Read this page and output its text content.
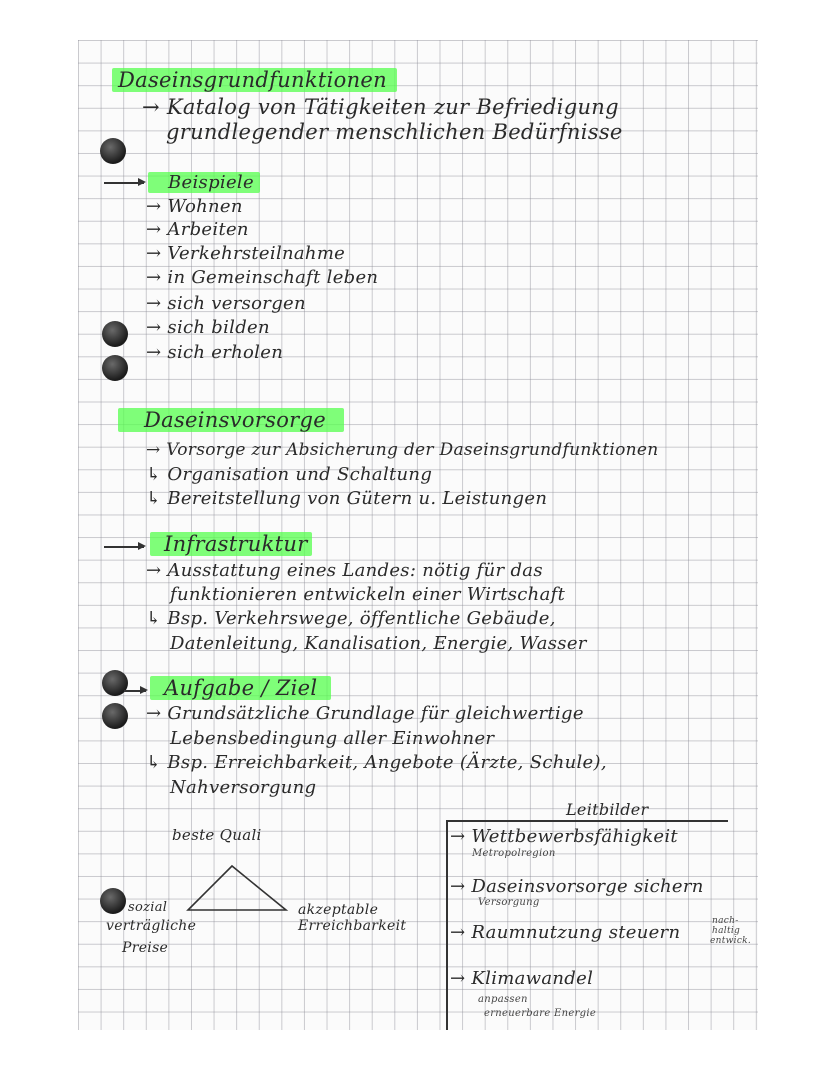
Daseinsgrundfunktionen
→ Katalog von Tätigkeiten zur Befriedigung
grundlegender menschlichen Bedürfnisse
Beispiele
→ Wohnen
→ Arbeiten
→ Verkehrsteilnahme
→ in Gemeinschaft leben
→ sich versorgen
→ sich bilden
→ sich erholen
Daseinsvorsorge
→ Vorsorge zur Absicherung der Daseinsgrundfunktionen
↳ Organisation und Schaltung
↳ Bereitstellung von Gütern u. Leistungen
Infrastruktur
→ Ausstattung eines Landes: nötig für das
funktionieren entwickeln einer Wirtschaft
↳ Bsp. Verkehrswege, öffentliche Gebäude,
Datenleitung, Kanalisation, Energie, Wasser
Aufgabe / Ziel
→ Grundsätzliche Grundlage für gleichwertige
Lebensbedingung aller Einwohner
↳ Bsp. Erreichbarkeit, Angebote (Ärzte, Schule),
Nahversorgung
beste Quali
sozial
verträgliche
Preise
akzeptable
Erreichbarkeit
Leitbilder
→ Wettbewerbsfähigkeit
Metropolregion
→ Daseinsvorsorge sichern
Versorgung
→ Raumnutzung steuern
nach-
haltig
entwick.
→ Klimawandel
anpassen
erneuerbare Energie
